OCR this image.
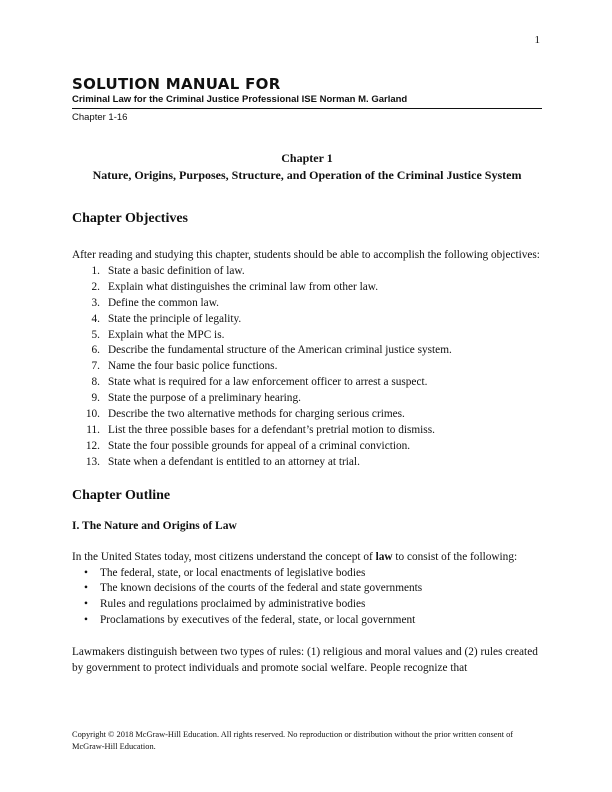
1
SOLUTION MANUAL FOR
Criminal Law for the Criminal Justice Professional ISE Norman M. Garland
Chapter 1-16
Chapter 1
Nature, Origins, Purposes, Structure, and Operation of the Criminal Justice System
Chapter Objectives

After reading and studying this chapter, students should be able to accomplish the following objectives:

1. State a basic definition of law.
2. Explain what distinguishes the criminal law from other law.
3. Define the common law.
4. State the principle of legality.
5. Explain what the MPC is.
6. Describe the fundamental structure of the American criminal justice system.
7. Name the four basic police functions.
8. State what is required for a law enforcement officer to arrest a suspect.
9. State the purpose of a preliminary hearing.
10. Describe the two alternative methods for charging serious crimes.
11. List the three possible bases for a defendant’s pretrial motion to dismiss.
12. State the four possible grounds for appeal of a criminal conviction.
13. State when a defendant is entitled to an attorney at trial.
Chapter Outline
I. The Nature and Origins of Law

In the United States today, most citizens understand the concept of law to consist of the following:

•	The federal, state, or local enactments of legislative bodies
•	The known decisions of the courts of the federal and state governments
•	Rules and regulations proclaimed by administrative bodies
•	Proclamations by executives of the federal, state, or local government

Lawmakers distinguish between two types of rules: (1) religious and moral values and (2) rules created by government to protect individuals and promote social welfare. People recognize that

Copyright © 2018 McGraw-Hill Education. All rights reserved. No reproduction or distribution without the prior written consent of McGraw-Hill Education.
